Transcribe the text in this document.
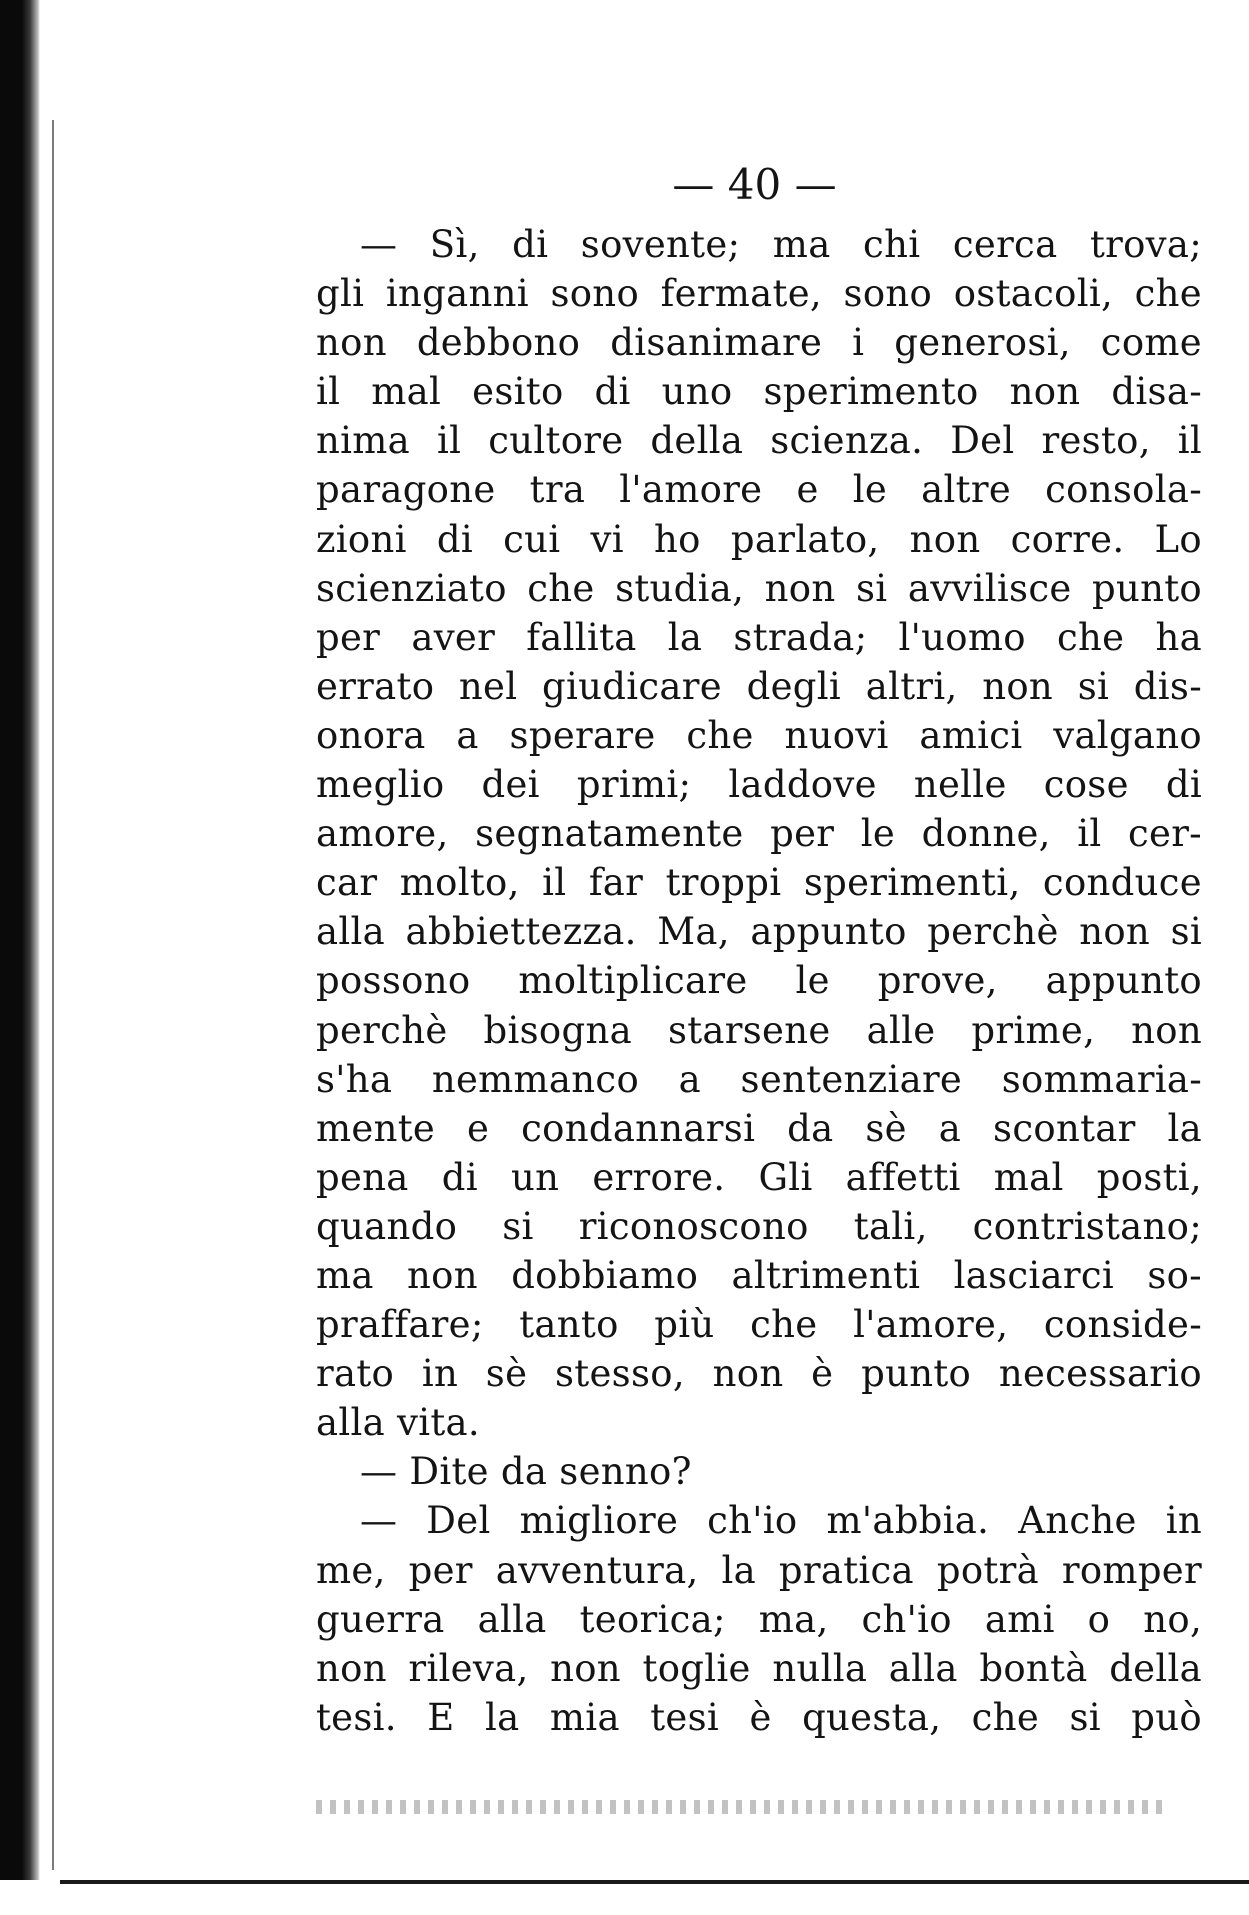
— 40 —
— Sì, di sovente; ma chi cerca trova;
gli inganni sono fermate, sono ostacoli, che
non debbono disanimare i generosi, come
il mal esito di uno sperimento non disa-
nima il cultore della scienza. Del resto, il
paragone tra l'amore e le altre consola-
zioni di cui vi ho parlato, non corre. Lo
scienziato che studia, non si avvilisce punto
per aver fallita la strada; l'uomo che ha
errato nel giudicare degli altri, non si dis-
onora a sperare che nuovi amici valgano
meglio dei primi; laddove nelle cose di
amore, segnatamente per le donne, il cer-
car molto, il far troppi sperimenti, conduce
alla abbiettezza. Ma, appunto perchè non si
possono moltiplicare le prove, appunto
perchè bisogna starsene alle prime, non
s'ha nemmanco a sentenziare sommaria-
mente e condannarsi da sè a scontar la
pena di un errore. Gli affetti mal posti,
quando si riconoscono tali, contristano;
ma non dobbiamo altrimenti lasciarci so-
praffare; tanto più che l'amore, conside-
rato in sè stesso, non è punto necessario
alla vita.
— Dite da senno?
— Del migliore ch'io m'abbia. Anche in
me, per avventura, la pratica potrà romper
guerra alla teorica; ma, ch'io ami o no,
non rileva, non toglie nulla alla bontà della
tesi. E la mia tesi è questa, che si può
